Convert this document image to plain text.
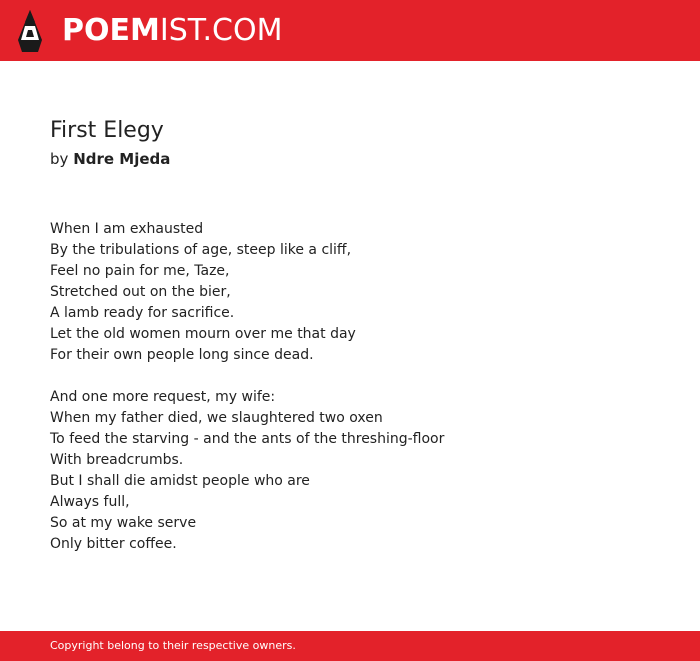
POEMIST.COM
First Elegy
by Ndre Mjeda
When I am exhausted
By the tribulations of age, steep like a cliff,
Feel no pain for me, Taze,
Stretched out on the bier,
A lamb ready for sacrifice.
Let the old women mourn over me that day
For their own people long since dead.
And one more request, my wife:
When my father died, we slaughtered two oxen
To feed the starving - and the ants of the threshing-floor
With breadcrumbs.
But I shall die amidst people who are
Always full,
So at my wake serve
Only bitter coffee.
Copyright belong to their respective owners.
